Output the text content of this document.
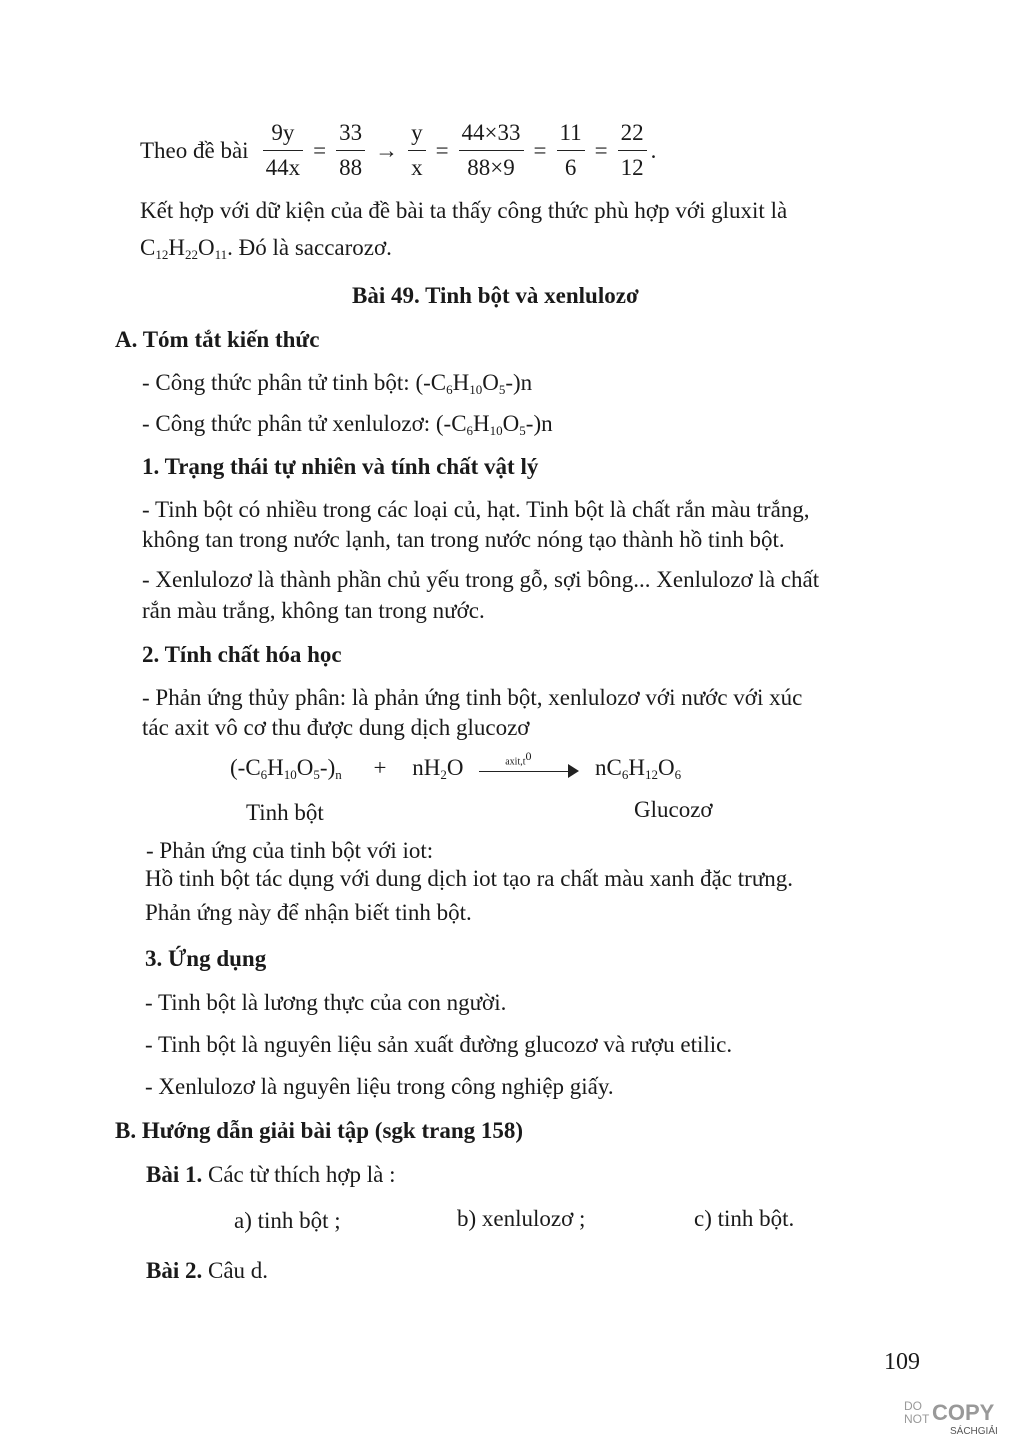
Theo đề bài $\frac{9y}{44x} = \frac{33}{88} \to \frac{y}{x} = \frac{44\times 33}{88\times 9} = \frac{11}{6} = \frac{22}{12}$ .
Kết hợp với dữ kiện của đề bài ta thấy công thức phù hợp với gluxit là
$C_{12}H_{22}O_{11}$. Đó là saccarozơ.
Bài 49. Tinh bột và xenlulozơ
A. Tóm tắt kiến thức
- Công thức phân tử tinh bột: $(-C_6H_{10}O_5-)n$
- Công thức phân tử xenlulozơ: $(-C_6H_{10}O_5-)n$
1. Trạng thái tự nhiên và tính chất vật lý
- Tinh bột có nhiều trong các loại củ, hạt. Tinh bột là chất rắn màu trắng,
không tan trong nước lạnh, tan trong nước nóng tạo thành hồ tinh bột.
- Xenlulozơ là thành phần chủ yếu trong gỗ, sợi bông... Xenlulozơ là chất
rắn màu trắng, không tan trong nước.
2. Tính chất hóa học
- Phản ứng thủy phân: là phản ứng tinh bột, xenlulozơ với nước với xúc
tác axit vô cơ thu được dung dịch glucozơ
$(-C_6H_{10}O_5-)_n + nH_2O$	$axit,t^0$	$nC_6H_{12}O_6$
Tinh bột	Glucozơ
- Phản ứng của tinh bột với iot:
Hồ tinh bột tác dụng với dung dịch iot tạo ra chất màu xanh đặc trưng.
Phản ứng này để nhận biết tinh bột.
3. Ứng dụng
- Tinh bột là lương thực của con người.
- Tinh bột là nguyên liệu sản xuất đường glucozơ và rượu etilic.
- Xenlulozơ là nguyên liệu trong công nghiệp giấy.
B. Hướng dẫn giải bài tập (sgk trang 158)
Bài 1. Các từ thích hợp là :
a) tinh bột ;	b) xenlulozơ ;	c) tinh bột.
Bài 2. Câu d.
109
DO
NOT COPY
SÁCHGIẢI
